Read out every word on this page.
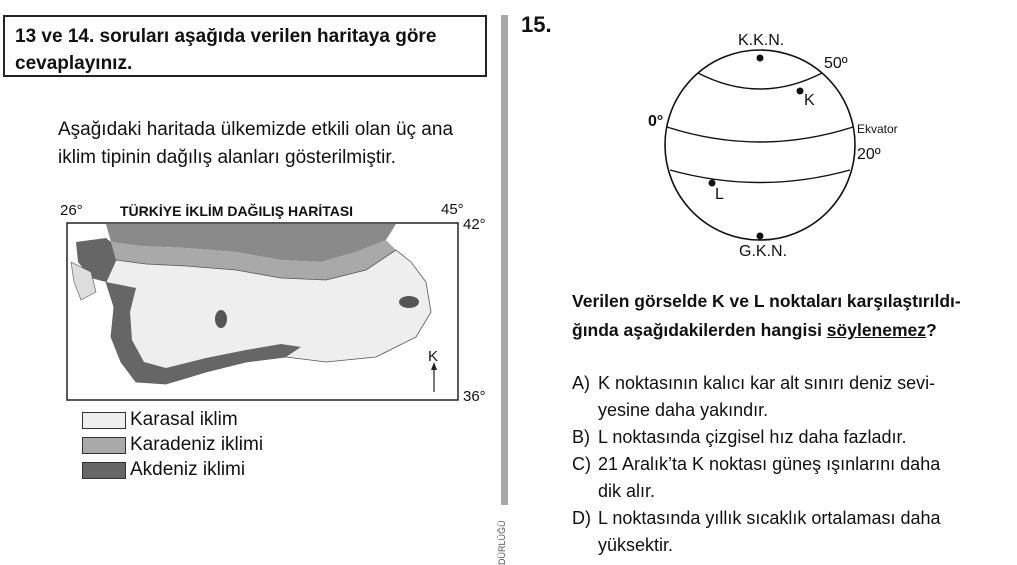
13 ve 14. soruları aşağıda verilen haritaya göre
cevaplayınız.
Aşağıdaki haritada ülkemizde etkili olan üç ana
iklim tipinin dağılış alanları gösterilmiştir.
26°	TÜRKİYE İKLİM DAĞILIŞ HARİTASI	45°
42°
36°
K
Karasal iklim
Karadeniz iklimi
Akdeniz iklimi
DÜRLÜĞÜ
15.
K.K.N.
50º
0°	Ekvator
20º
K
L
G.K.N.
Verilen görselde K ve L noktaları karşılaştırıldı-
ğında aşağıdakilerden hangisi söylenemez?
A) K noktasının kalıcı kar alt sınırı deniz sevi-
yesine daha yakındır.
B) L noktasında çizgisel hız daha fazladır.
C) 21 Aralık’ta K noktası güneş ışınlarını daha
dik alır.
D) L noktasında yıllık sıcaklık ortalaması daha
yüksektir.
